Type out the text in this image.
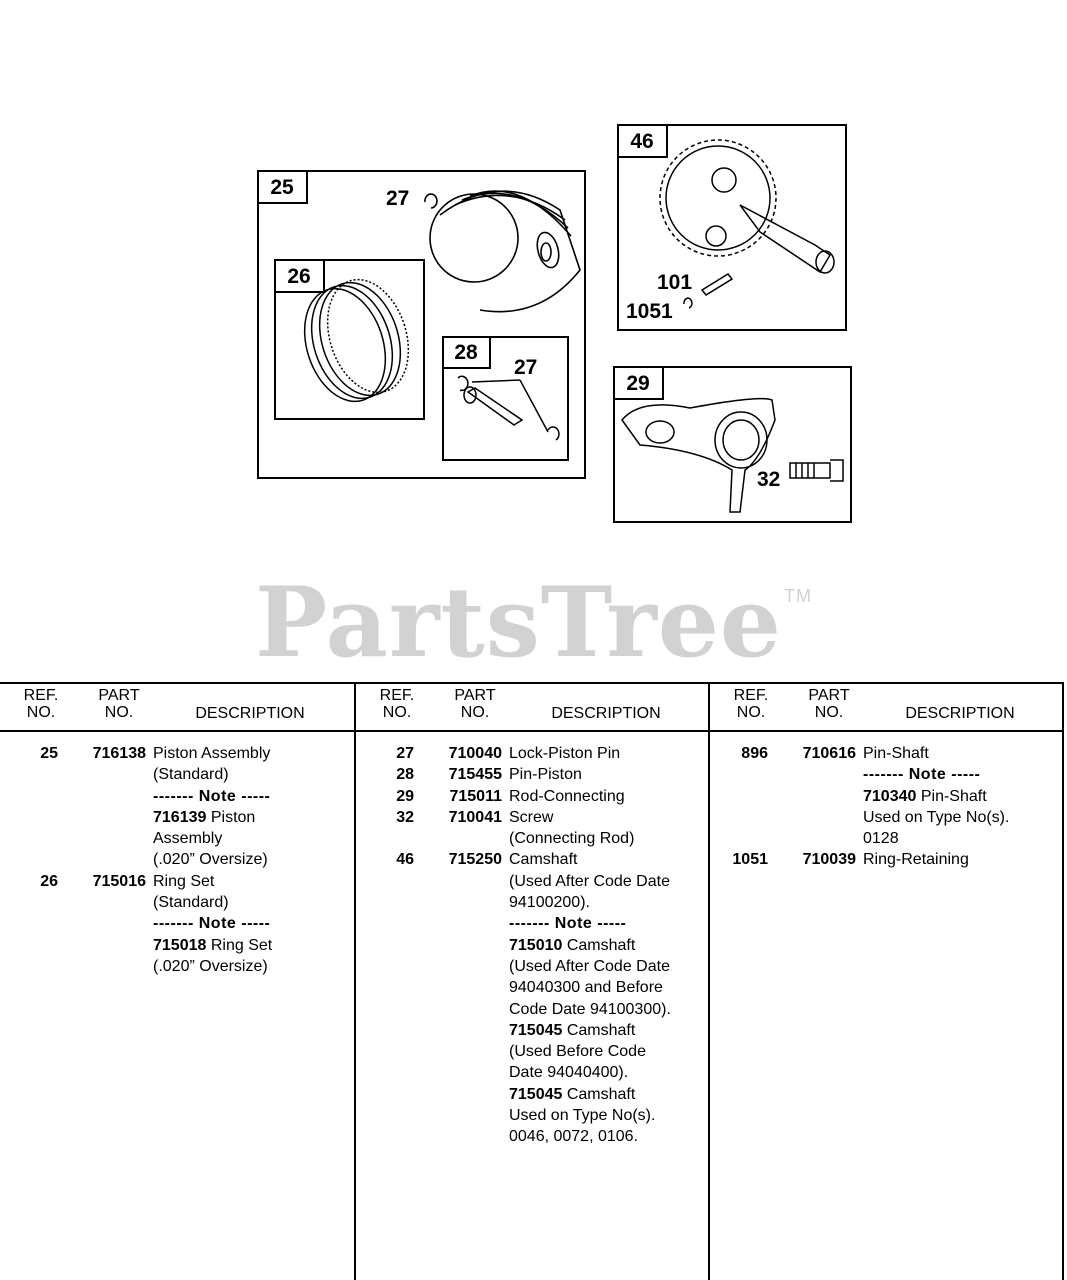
25	27
26
28
27
46
101
1051
29
32
PartsTree ™
REF.
NO.
PART
NO.	DESCRIPTION
25	716138 Piston Assembly
(Standard)
------- Note -----
716139 Piston
Assembly
(.020” Oversize)
26	715016 Ring Set
(Standard)
------- Note -----
715018 Ring Set
(.020” Oversize)
REF.
NO.
PART
NO.	DESCRIPTION
27	710040 Lock-Piston Pin
28	715455 Pin-Piston
29	715011 Rod-Connecting
32	710041 Screw
(Connecting Rod)
46	715250 Camshaft
(Used After Code Date
94100200).
------- Note -----
715010 Camshaft
(Used After Code Date
94040300 and Before
Code Date 94100300).
715045 Camshaft
(Used Before Code
Date 94040400).
715045 Camshaft
Used on Type No(s).
0046, 0072, 0106.
REF.
NO.
PART
NO.	DESCRIPTION
896	710616 Pin-Shaft
------- Note -----
710340 Pin-Shaft
Used on Type No(s).
0128
1051	710039 Ring-Retaining
